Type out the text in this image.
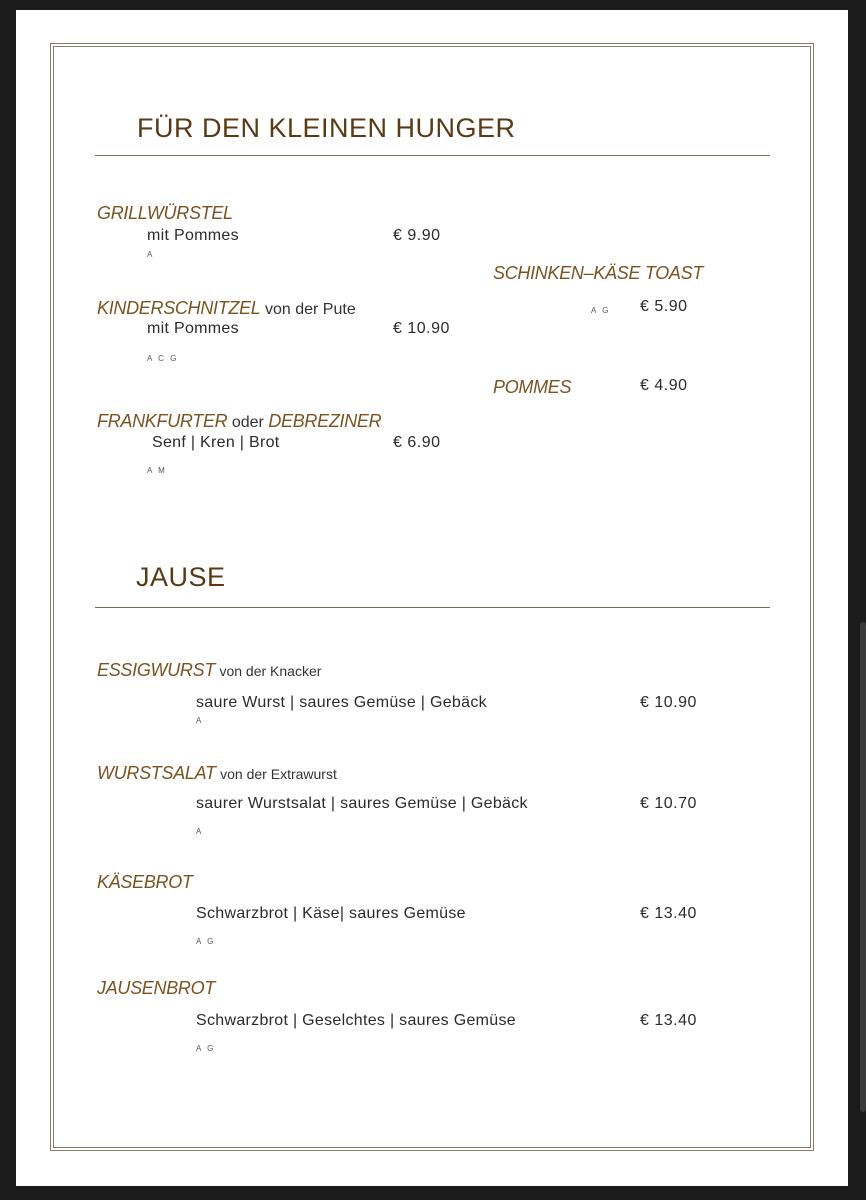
FÜR DEN KLEINEN HUNGER
GRILLWÜRSTEL
mit Pommes	€ 9.90
A
KINDERSCHNITZEL von der Pute
mit Pommes	€ 10.90
A C G
FRANKFURTER oder DEBREZINER
Senf | Kren | Brot	€ 6.90
A M
SCHINKEN–KÄSE TOAST
A G € 5.90
POMMES	€ 4.90
JAUSE
ESSIGWURST von der Knacker
saure Wurst | saures Gemüse | Gebäck	€ 10.90
A
WURSTSALAT von der Extrawurst
saurer Wurstsalat | saures Gemüse | Gebäck	€ 10.70
A
KÄSEBROT
Schwarzbrot | Käse| saures Gemüse	€ 13.40
A G
JAUSENBROT
Schwarzbrot | Geselchtes | saures Gemüse	€ 13.40
A G
